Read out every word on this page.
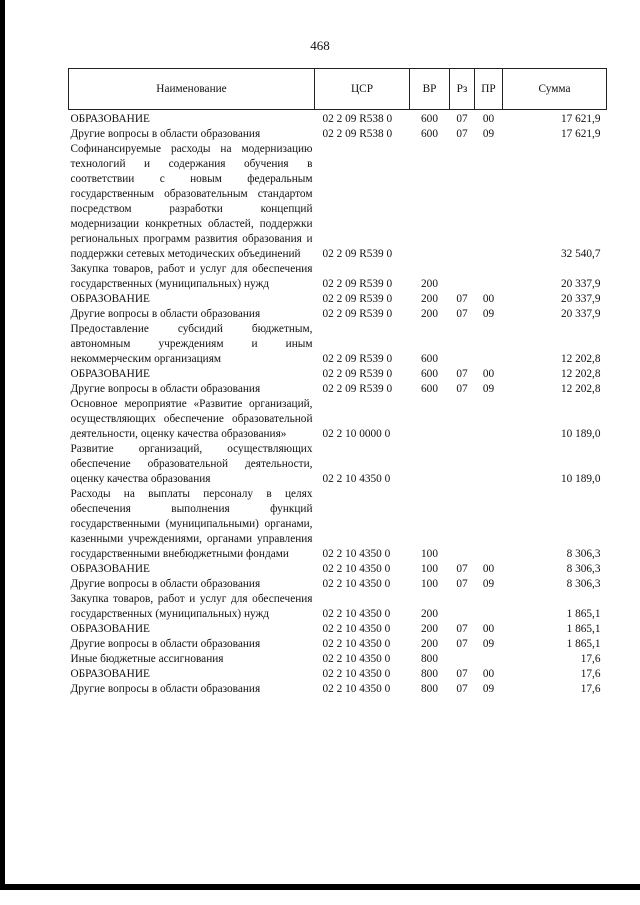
468
Наименование	ЦСР	ВР	Рз	ПР	Сумма
ОБРАЗОВАНИЕ	02 2 09 R538 0	600	07	00	17 621,9
Другие вопросы в области образования	02 2 09 R538 0	600	07	09	17 621,9
Софинансируемые расходы на модернизацию технологий и содержания обучения в соответствии с новым федеральным государственным образовательным стандартом посредством разработки концепций модернизации конкретных областей, поддержки региональных программ развития образования и поддержки сетевых методических объединений	02 2 09 R539 0				32 540,7
Закупка товаров, работ и услуг для обеспечения государственных (муниципальных) нужд	02 2 09 R539 0	200			20 337,9
ОБРАЗОВАНИЕ	02 2 09 R539 0	200	07	00	20 337,9
Другие вопросы в области образования	02 2 09 R539 0	200	07	09	20 337,9
Предоставление субсидий бюджетным, автономным учреждениям и иным некоммерческим организациям	02 2 09 R539 0	600			12 202,8
ОБРАЗОВАНИЕ	02 2 09 R539 0	600	07	00	12 202,8
Другие вопросы в области образования	02 2 09 R539 0	600	07	09	12 202,8
Основное мероприятие «Развитие организаций, осуществляющих обеспечение образовательной деятельности, оценку качества образования»	02 2 10 0000 0				10 189,0
Развитие организаций, осуществляющих обеспечение образовательной деятельности, оценку качества образования	02 2 10 4350 0				10 189,0
Расходы на выплаты персоналу в целях обеспечения выполнения функций государственными (муниципальными) органами, казенными учреждениями, органами управления государственными внебюджетными фондами	02 2 10 4350 0	100			8 306,3
ОБРАЗОВАНИЕ	02 2 10 4350 0	100	07	00	8 306,3
Другие вопросы в области образования	02 2 10 4350 0	100	07	09	8 306,3
Закупка товаров, работ и услуг для обеспечения государственных (муниципальных) нужд	02 2 10 4350 0	200			1 865,1
ОБРАЗОВАНИЕ	02 2 10 4350 0	200	07	00	1 865,1
Другие вопросы в области образования	02 2 10 4350 0	200	07	09	1 865,1
Иные бюджетные ассигнования	02 2 10 4350 0	800			17,6
ОБРАЗОВАНИЕ	02 2 10 4350 0	800	07	00	17,6
Другие вопросы в области образования	02 2 10 4350 0	800	07	09	17,6
